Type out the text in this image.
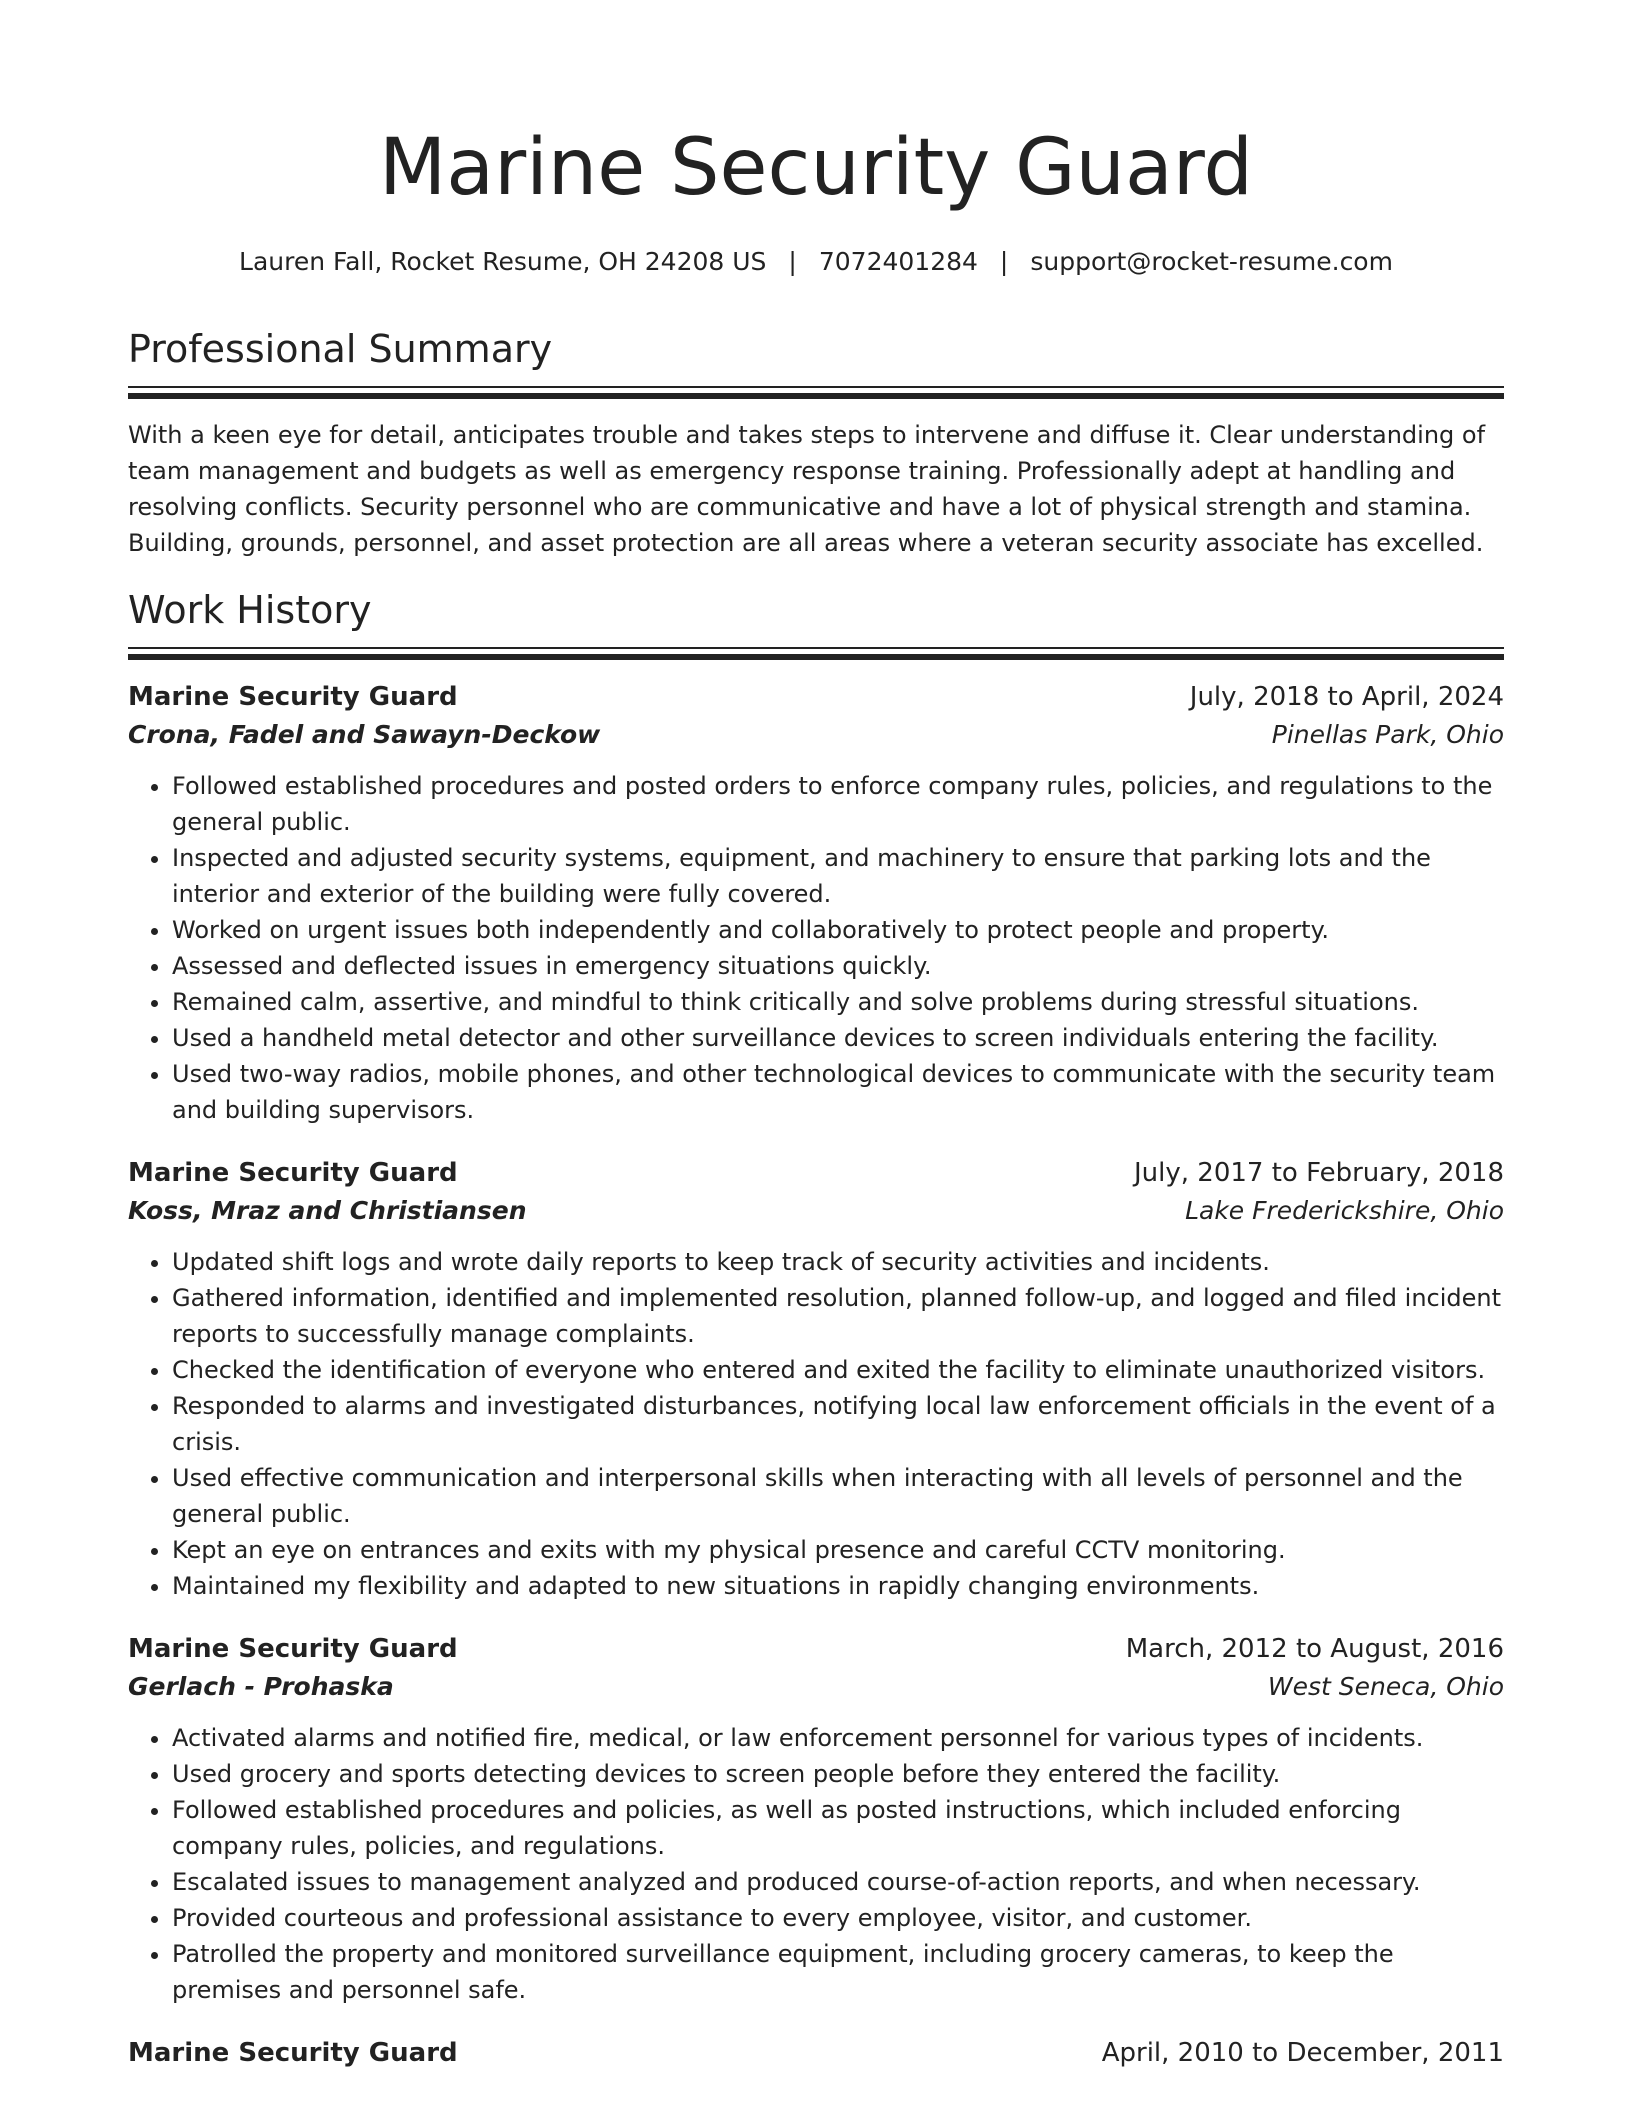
Marine Security Guard
Lauren Fall, Rocket Resume, OH 24208 US | 7072401284 | support@rocket-resume.com
Professional Summary

With a keen eye for detail, anticipates trouble and takes steps to intervene and diffuse it. Clear understanding of team management and budgets as well as emergency response training. Professionally adept at handling and resolving conflicts. Security personnel who are communicative and have a lot of physical strength and stamina. Building, grounds, personnel, and asset protection are all areas where a veteran security associate has excelled.

Work History
Marine Security Guard	July, 2018 to April, 2024
Crona, Fadel and Sawayn-Deckow	Pinellas Park, Ohio
• Followed established procedures and posted orders to enforce company rules, policies, and regulations to the general public.
• Inspected and adjusted security systems, equipment, and machinery to ensure that parking lots and the interior and exterior of the building were fully covered.
• Worked on urgent issues both independently and collaboratively to protect people and property.
• Assessed and deflected issues in emergency situations quickly.
• Remained calm, assertive, and mindful to think critically and solve problems during stressful situations.
• Used a handheld metal detector and other surveillance devices to screen individuals entering the facility.
• Used two-way radios, mobile phones, and other technological devices to communicate with the security team and building supervisors.
Marine Security Guard	July, 2017 to February, 2018
Koss, Mraz and Christiansen	Lake Frederickshire, Ohio
• Updated shift logs and wrote daily reports to keep track of security activities and incidents.
• Gathered information, identified and implemented resolution, planned follow-up, and logged and filed incident reports to successfully manage complaints.
• Checked the identification of everyone who entered and exited the facility to eliminate unauthorized visitors.
• Responded to alarms and investigated disturbances, notifying local law enforcement officials in the event of a crisis.
• Used effective communication and interpersonal skills when interacting with all levels of personnel and the general public.
• Kept an eye on entrances and exits with my physical presence and careful CCTV monitoring.
• Maintained my flexibility and adapted to new situations in rapidly changing environments.
Marine Security Guard	March, 2012 to August, 2016
Gerlach - Prohaska	West Seneca, Ohio
• Activated alarms and notified fire, medical, or law enforcement personnel for various types of incidents.
• Used grocery and sports detecting devices to screen people before they entered the facility.
• Followed established procedures and policies, as well as posted instructions, which included enforcing company rules, policies, and regulations.
• Escalated issues to management analyzed and produced course-of-action reports, and when necessary.
• Provided courteous and professional assistance to every employee, visitor, and customer.
• Patrolled the property and monitored surveillance equipment, including grocery cameras, to keep the premises and personnel safe.
Marine Security Guard	April, 2010 to December, 2011
